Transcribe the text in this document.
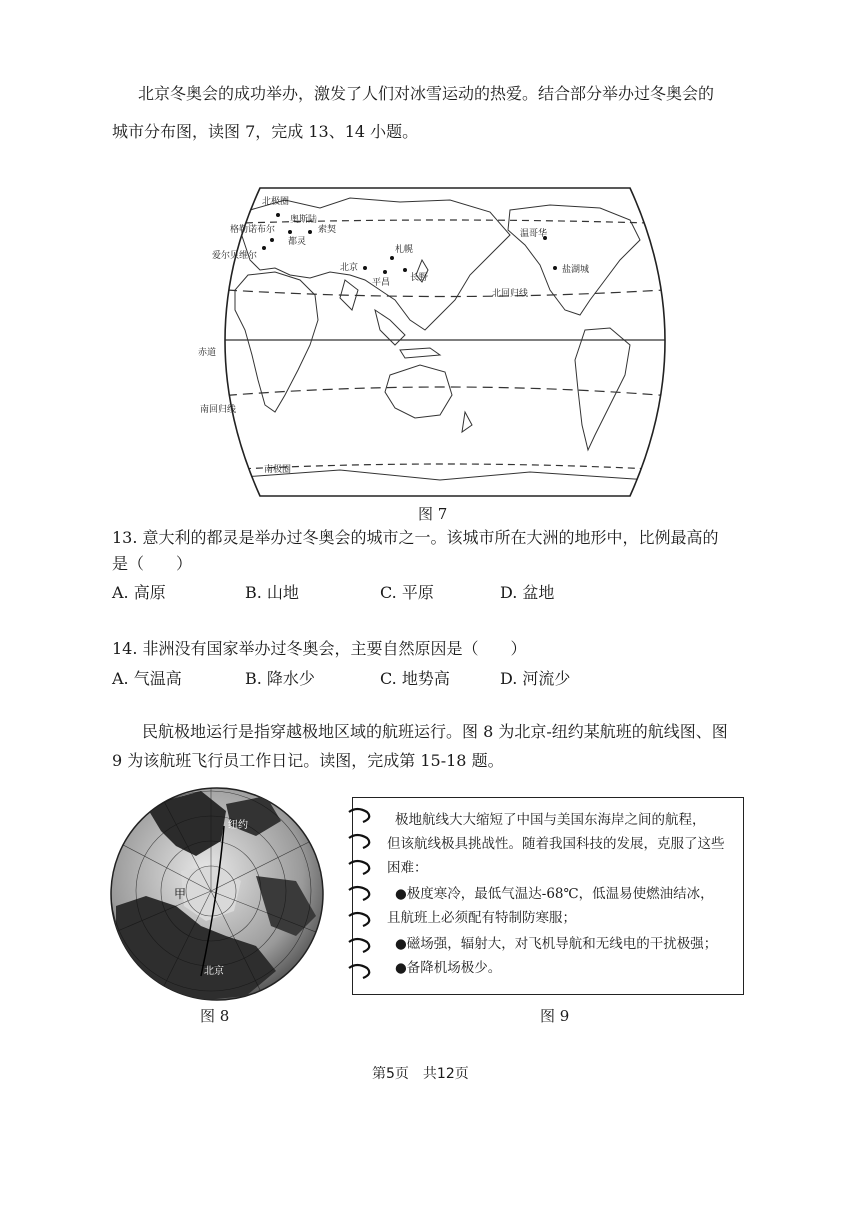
北京冬奥会的成功举办，激发了人们对冰雪运动的热爱。结合部分举办过冬奥会的
城市分布图，读图 7，完成 13、14 小题。
北极圈
奥斯陆
格勒诺布尔
都灵
爱尔贝维尔
索契
札幌
北京
平昌 长野
温哥华
盐湖城
北回归线
赤道
南回归线
南极圈
图 7
13. 意大利的都灵是举办过冬奥会的城市之一。该城市所在大洲的地形中，比例最高的
是（　　）
A. 高原	B. 山地	C. 平原	D. 盆地
14. 非洲没有国家举办过冬奥会，主要自然原因是（　　）
A. 气温高	B. 降水少	C. 地势高	D. 河流少
民航极地运行是指穿越极地区域的航班运行。图 8 为北京-纽约某航班的航线图、图
9 为该航班飞行员工作日记。读图，完成第 15-18 题。
纽约
甲
北京
图 8
极地航线大大缩短了中国与美国东海岸之间的航程，
但该航线极具挑战性。随着我国科技的发展，克服了这些
困难：
●极度寒冷，最低气温达-68℃，低温易使燃油结冰，
且航班上必须配有特制防寒服；
●磁场强，辐射大，对飞机导航和无线电的干扰极强；
●备降机场极少。
图 9
第5页　共12页
